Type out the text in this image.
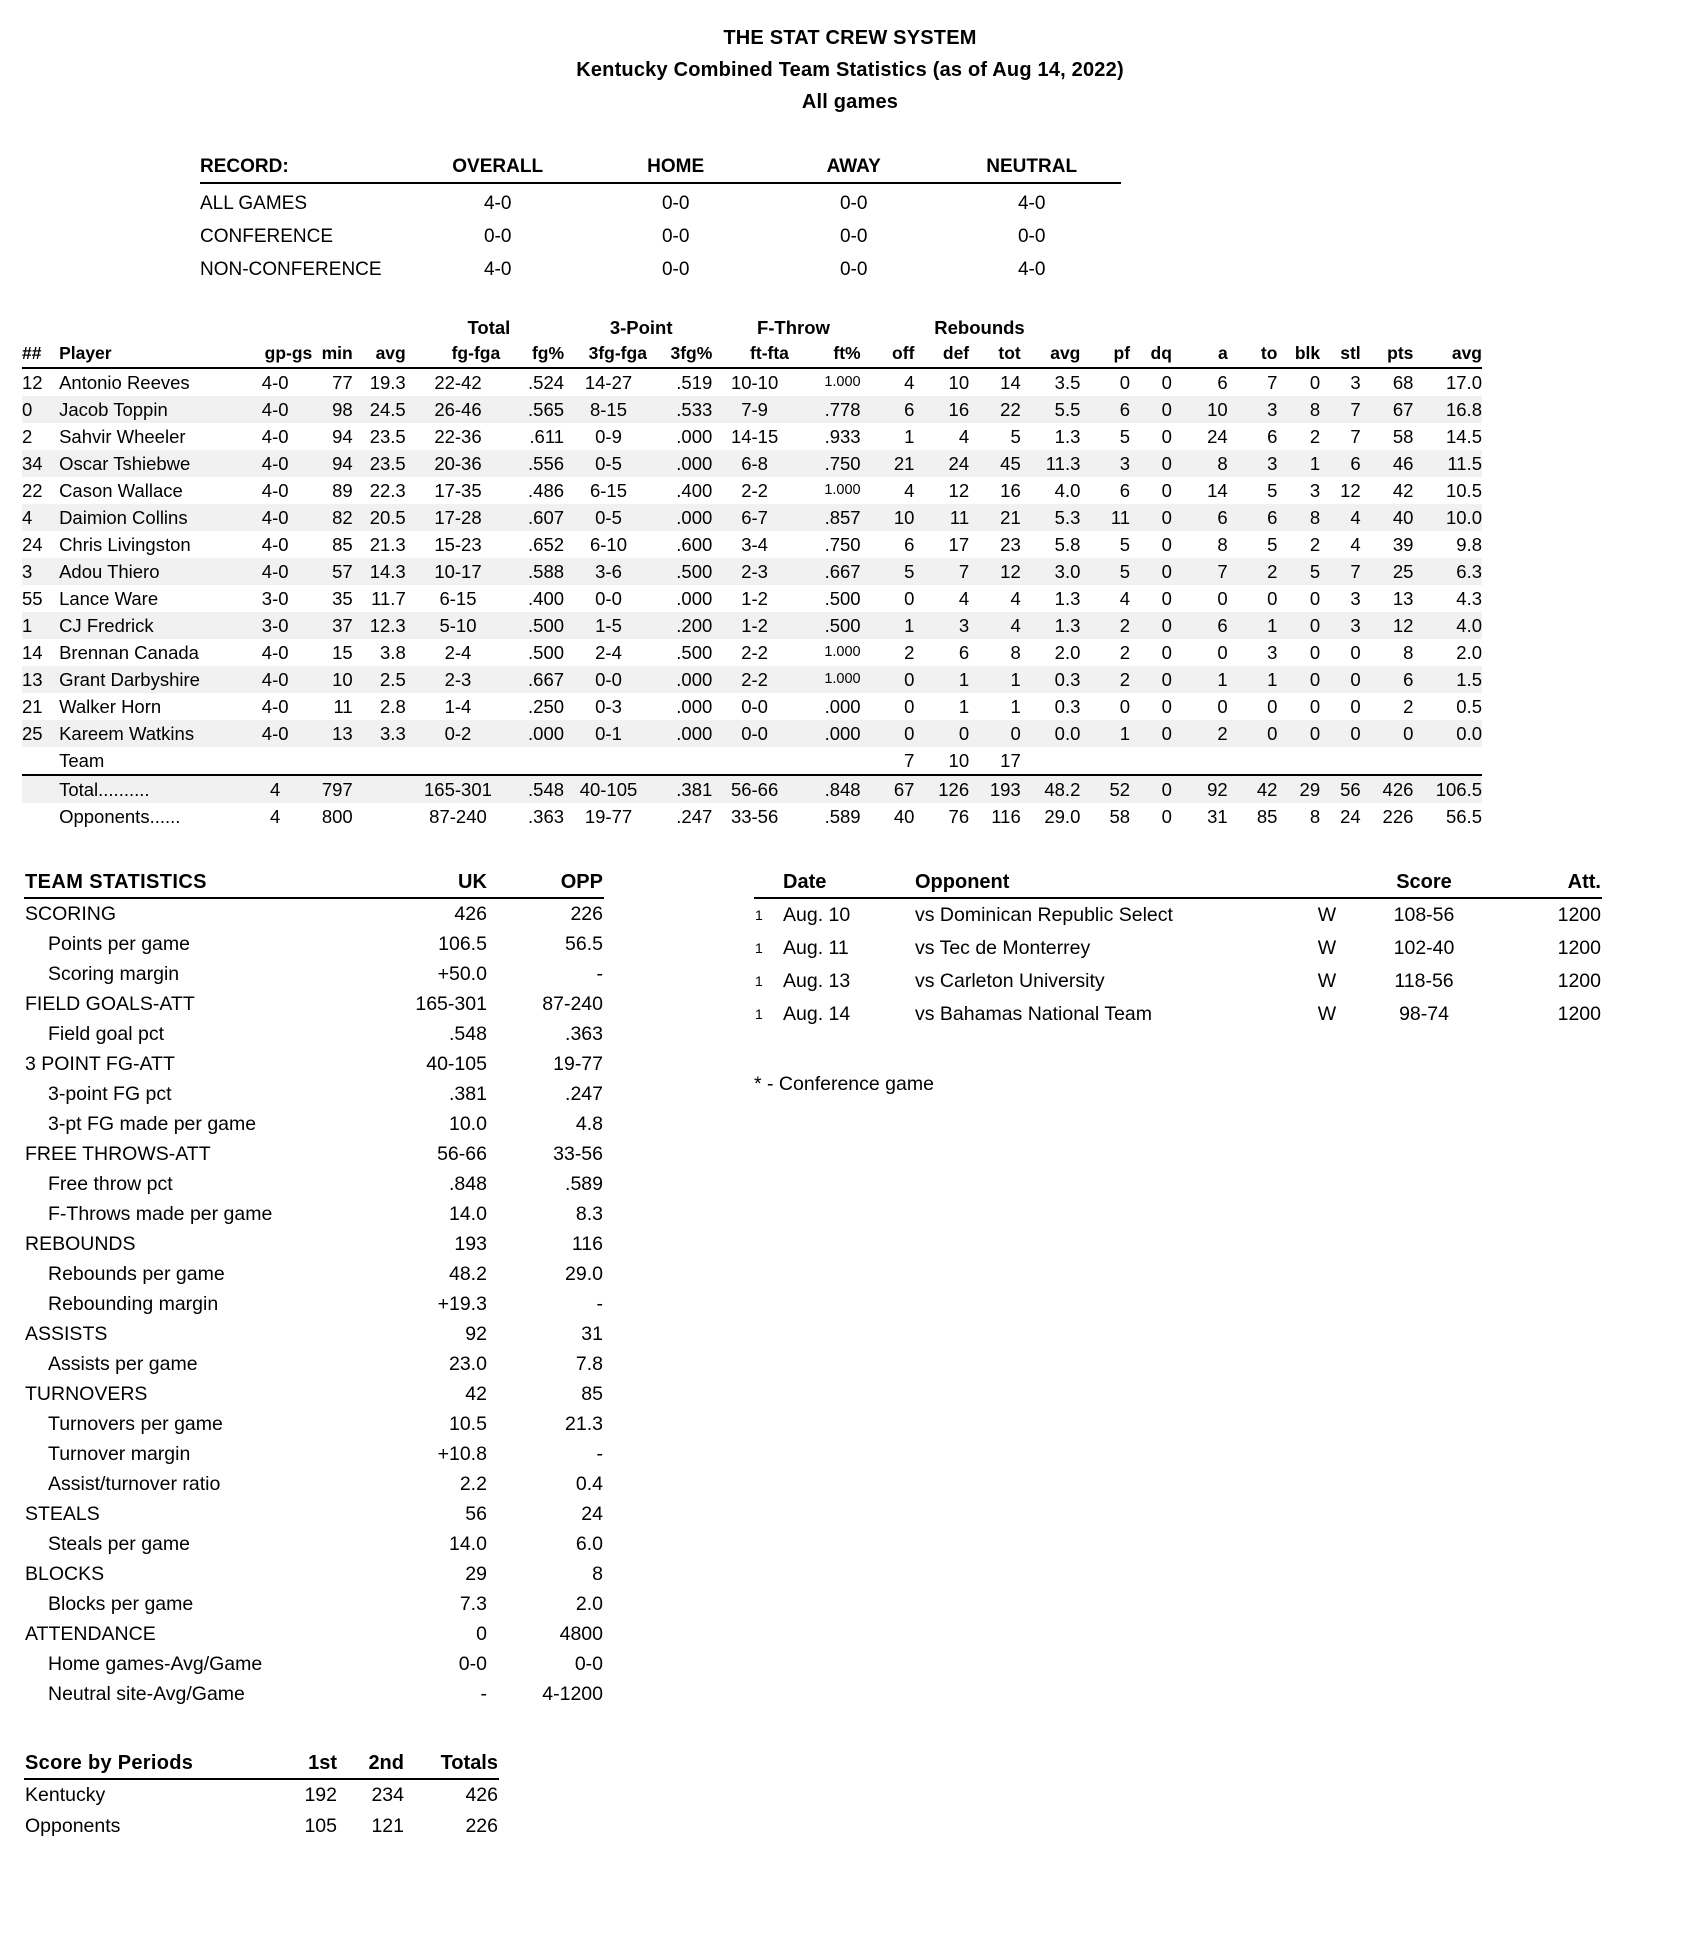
THE STAT CREW SYSTEM
Kentucky Combined Team Statistics (as of Aug 14, 2022)
All games
RECORD:	OVERALL	HOME	AWAY	NEUTRAL
ALL GAMES	4-0	0-0	0-0	4-0
CONFERENCE	0-0	0-0	0-0	0-0
NON-CONFERENCE	4-0	0-0	0-0	4-0
					Total		3-Point		F-Throw		Rebounds											
##	Player	gp-gs	min	avg	fg-fga	fg%	3fg-fga	3fg%	ft-fta	ft%	off	def	tot	avg	pf	dq	a	to	blk	stl	pts	avg
12	Antonio Reeves	4-0	77	19.3	22-42	.524	14-27	.519	10-10	1.000	4	10	14	3.5	0	0	6	7	0	3	68	17.0
0	Jacob Toppin	4-0	98	24.5	26-46	.565	8-15	.533	7-9	.778	6	16	22	5.5	6	0	10	3	8	7	67	16.8
2	Sahvir Wheeler	4-0	94	23.5	22-36	.611	0-9	.000	14-15	.933	1	4	5	1.3	5	0	24	6	2	7	58	14.5
34	Oscar Tshiebwe	4-0	94	23.5	20-36	.556	0-5	.000	6-8	.750	21	24	45	11.3	3	0	8	3	1	6	46	11.5
22	Cason Wallace	4-0	89	22.3	17-35	.486	6-15	.400	2-2	1.000	4	12	16	4.0	6	0	14	5	3	12	42	10.5
4	Daimion Collins	4-0	82	20.5	17-28	.607	0-5	.000	6-7	.857	10	11	21	5.3	11	0	6	6	8	4	40	10.0
24	Chris Livingston	4-0	85	21.3	15-23	.652	6-10	.600	3-4	.750	6	17	23	5.8	5	0	8	5	2	4	39	9.8
3	Adou Thiero	4-0	57	14.3	10-17	.588	3-6	.500	2-3	.667	5	7	12	3.0	5	0	7	2	5	7	25	6.3
55	Lance Ware	3-0	35	11.7	6-15	.400	0-0	.000	1-2	.500	0	4	4	1.3	4	0	0	0	0	3	13	4.3
1	CJ Fredrick	3-0	37	12.3	5-10	.500	1-5	.200	1-2	.500	1	3	4	1.3	2	0	6	1	0	3	12	4.0
14	Brennan Canada	4-0	15	3.8	2-4	.500	2-4	.500	2-2	1.000	2	6	8	2.0	2	0	0	3	0	0	8	2.0
13	Grant Darbyshire	4-0	10	2.5	2-3	.667	0-0	.000	2-2	1.000	0	1	1	0.3	2	0	1	1	0	0	6	1.5
21	Walker Horn	4-0	11	2.8	1-4	.250	0-3	.000	0-0	.000	0	1	1	0.3	0	0	0	0	0	0	2	0.5
25	Kareem Watkins	4-0	13	3.3	0-2	.000	0-1	.000	0-0	.000	0	0	0	0.0	1	0	2	0	0	0	0	0.0
	Team										7	10	17									
	Total..........	4	797		165-301	.548	40-105	.381	56-66	.848	67	126	193	48.2	52	0	92	42	29	56	426	106.5
	Opponents......	4	800		87-240	.363	19-77	.247	33-56	.589	40	76	116	29.0	58	0	31	85	8	24	226	56.5
TEAM STATISTICS	UK	OPP
SCORING	426	226
Points per game	106.5	56.5
Scoring margin	+50.0	-
FIELD GOALS-ATT	165-301	87-240
Field goal pct	.548	.363
3 POINT FG-ATT	40-105	19-77
3-point FG pct	.381	.247
3-pt FG made per game	10.0	4.8
FREE THROWS-ATT	56-66	33-56
Free throw pct	.848	.589
F-Throws made per game	14.0	8.3
REBOUNDS	193	116
Rebounds per game	48.2	29.0
Rebounding margin	+19.3	-
ASSISTS	92	31
Assists per game	23.0	7.8
TURNOVERS	42	85
Turnovers per game	10.5	21.3
Turnover margin	+10.8	-
Assist/turnover ratio	2.2	0.4
STEALS	56	24
Steals per game	14.0	6.0
BLOCKS	29	8
Blocks per game	7.3	2.0
ATTENDANCE	0	4800
Home games-Avg/Game	0-0	0-0
Neutral site-Avg/Game	-	4-1200
	Date	Opponent		Score	Att.
1	Aug. 10	vs Dominican Republic Select	W	108-56	1200
1	Aug. 11	vs Tec de Monterrey	W	102-40	1200
1	Aug. 13	vs Carleton University	W	118-56	1200
1	Aug. 14	vs Bahamas National Team	W	98-74	1200
* - Conference game
Score by Periods	1st	2nd	Totals
Kentucky	192	234	426
Opponents	105	121	226
